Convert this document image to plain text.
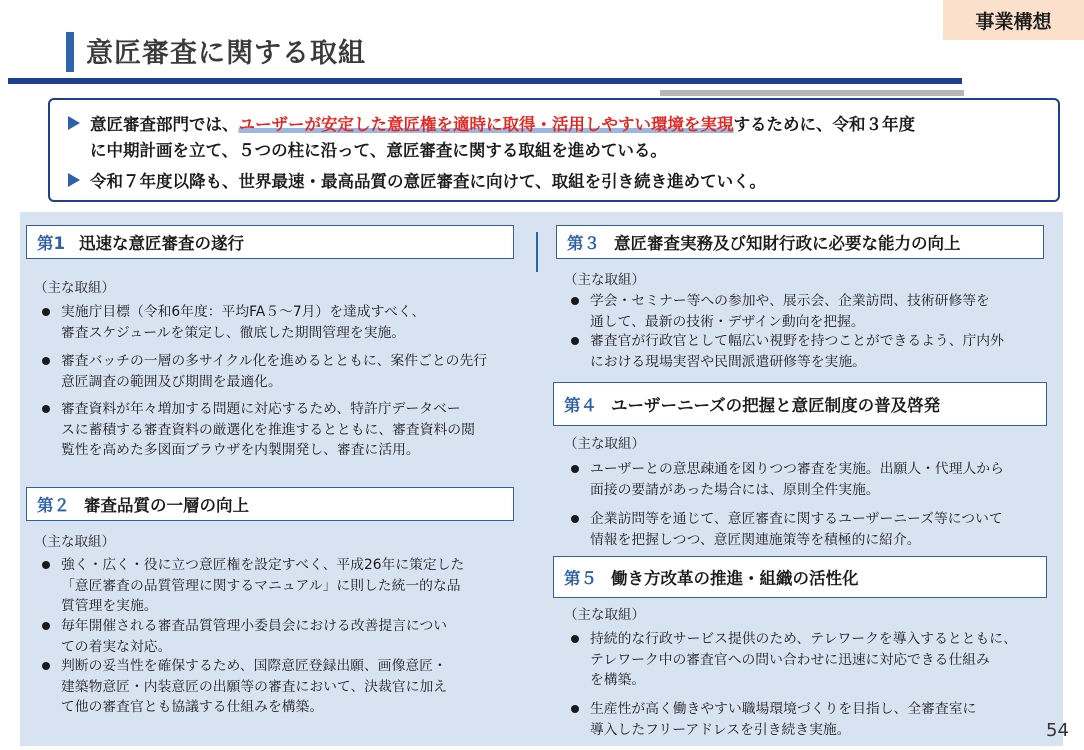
事業構想
意匠審査に関する取組
意匠審査部門では、ユーザーが安定した意匠権を適時に取得・活用しやすい環境を実現するために、令和３年度
に中期計画を立て、５つの柱に沿って、意匠審査に関する取組を進めている。
令和７年度以降も、世界最速・最高品質の意匠審査に向けて、取組を引き続き進めていく。
第1 迅速な意匠審査の遂行
（主な取組）
実施庁目標（令和6年度：平均FA５～7月）を達成すべく、
審査スケジュールを策定し、徹底した期間管理を実施。
審査バッチの一層の多サイクル化を進めるとともに、案件ごとの先行
意匠調査の範囲及び期間を最適化。
審査資料が年々増加する問題に対応するため、特許庁データベー
スに蓄積する審査資料の厳選化を推進するとともに、審査資料の閲
覧性を高めた多図面ブラウザを内製開発し、審査に活用。
第２ 審査品質の一層の向上
（主な取組）
強く・広く・役に立つ意匠権を設定すべく、平成26年に策定した
「意匠審査の品質管理に関するマニュアル」に則した統一的な品
質管理を実施。
毎年開催される審査品質管理小委員会における改善提言につい
ての着実な対応。
判断の妥当性を確保するため、国際意匠登録出願、画像意匠・
建築物意匠・内装意匠の出願等の審査において、決裁官に加え
て他の審査官とも協議する仕組みを構築。
第３ 意匠審査実務及び知財行政に必要な能力の向上
（主な取組）
学会・セミナー等への参加や、展示会、企業訪問、技術研修等を
通して、最新の技術・デザイン動向を把握。
審査官が行政官として幅広い視野を持つことができるよう、庁内外
における現場実習や民間派遣研修等を実施。
第４ ユーザーニーズの把握と意匠制度の普及啓発
（主な取組）
ユーザーとの意思疎通を図りつつ審査を実施。出願人・代理人から
面接の要請があった場合には、原則全件実施。
企業訪問等を通じて、意匠審査に関するユーザーニーズ等について
情報を把握しつつ、意匠関連施策等を積極的に紹介。
第５ 働き方改革の推進・組織の活性化
（主な取組）
持続的な行政サービス提供のため、テレワークを導入するとともに、
テレワーク中の審査官への問い合わせに迅速に対応できる仕組み
を構築。
生産性が高く働きやすい職場環境づくりを目指し、全審査室に
導入したフリーアドレスを引き続き実施。	54
